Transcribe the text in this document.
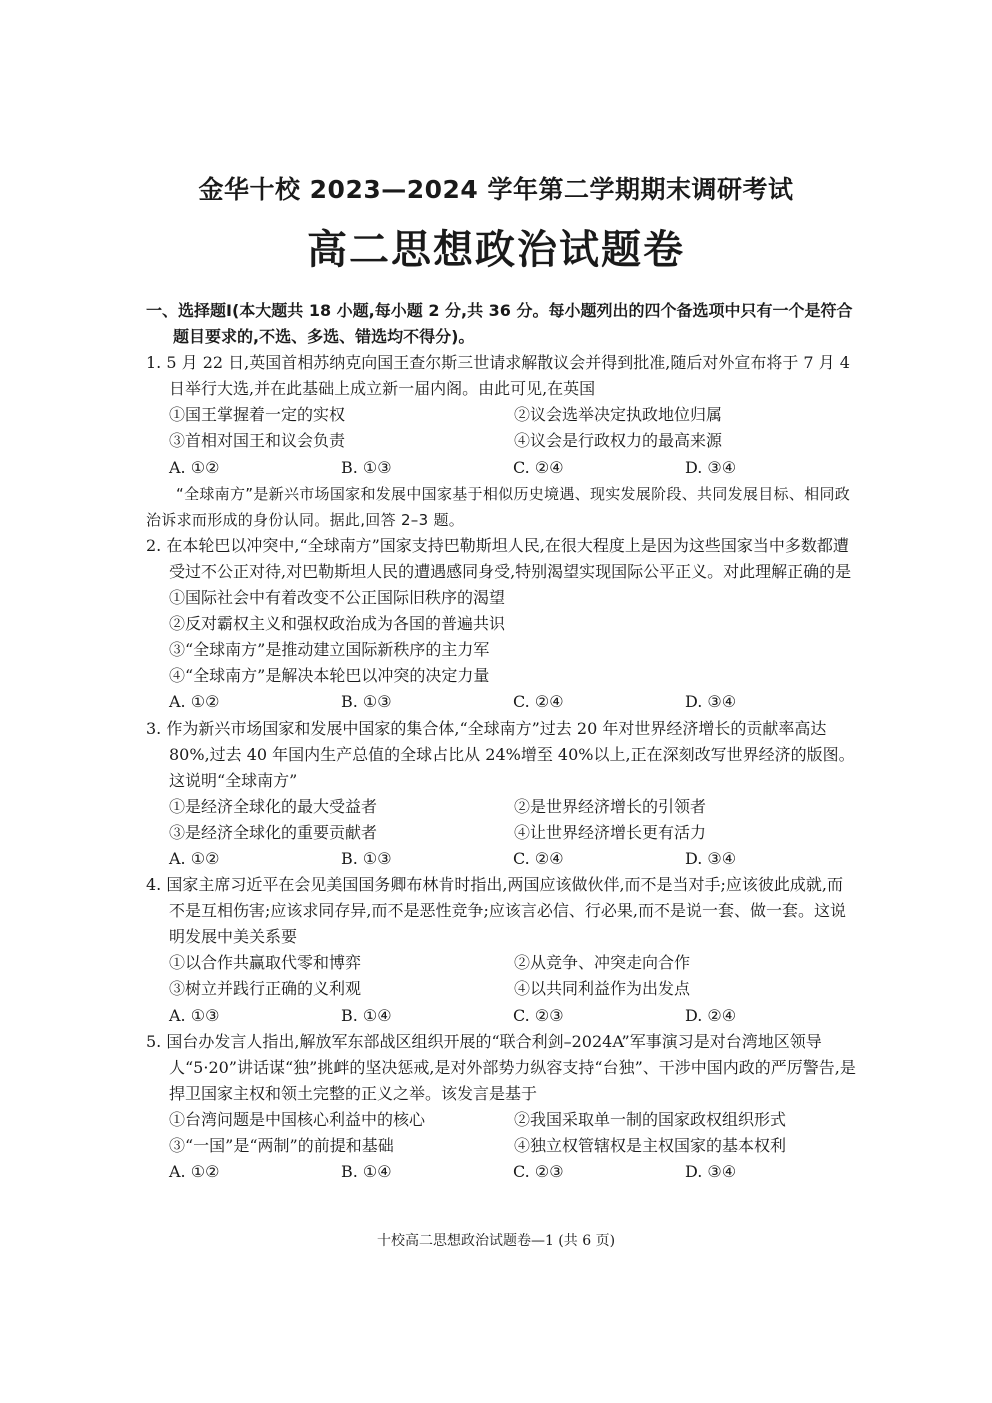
金华十校 2023—2024 学年第二学期期末调研考试
高二思想政治试题卷

一、选择题Ⅰ(本大题共 18 小题,每小题 2 分,共 36 分。每小题列出的四个备选项中只有一个是符合题目要求的,不选、多选、错选均不得分)。

1. 5 月 22 日,英国首相苏纳克向国王查尔斯三世请求解散议会并得到批准,随后对外宣布将于 7 月 4 日举行大选,并在此基础上成立新一届内阁。由此可见,在英国
①国王掌握着一定的实权	②议会选举决定执政地位归属
③首相对国王和议会负责	④议会是行政权力的最高来源
A. ①②	B. ①③	C. ②④	D. ③④

“全球南方”是新兴市场国家和发展中国家基于相似历史境遇、现实发展阶段、共同发展目标、相同政治诉求而形成的身份认同。据此,回答 2–3 题。

2. 在本轮巴以冲突中,“全球南方”国家支持巴勒斯坦人民,在很大程度上是因为这些国家当中多数都遭受过不公正对待,对巴勒斯坦人民的遭遇感同身受,特别渴望实现国际公平正义。对此理解正确的是
①国际社会中有着改变不公正国际旧秩序的渴望
②反对霸权主义和强权政治成为各国的普遍共识
③“全球南方”是推动建立国际新秩序的主力军
④“全球南方”是解决本轮巴以冲突的决定力量
A. ①②	B. ①③	C. ②④	D. ③④
3. 作为新兴市场国家和发展中国家的集合体,“全球南方”过去 20 年对世界经济增长的贡献率高达 80%,过去 40 年国内生产总值的全球占比从 24%增至 40%以上,正在深刻改写世界经济的版图。这说明“全球南方”
①是经济全球化的最大受益者	②是世界经济增长的引领者
③是经济全球化的重要贡献者	④让世界经济增长更有活力
A. ①②	B. ①③	C. ②④	D. ③④
4. 国家主席习近平在会见美国国务卿布林肯时指出,两国应该做伙伴,而不是当对手;应该彼此成就,而不是互相伤害;应该求同存异,而不是恶性竞争;应该言必信、行必果,而不是说一套、做一套。这说明发展中美关系要
①以合作共赢取代零和博弈	②从竞争、冲突走向合作
③树立并践行正确的义利观	④以共同利益作为出发点
A. ①③	B. ①④	C. ②③	D. ②④
5. 国台办发言人指出,解放军东部战区组织开展的“联合利剑–2024A”军事演习是对台湾地区领导人“5·20”讲话谋“独”挑衅的坚决惩戒,是对外部势力纵容支持“台独”、干涉中国内政的严厉警告,是捍卫国家主权和领土完整的正义之举。该发言是基于
①台湾问题是中国核心利益中的核心	②我国采取单一制的国家政权组织形式
③“一国”是“两制”的前提和基础	④独立权管辖权是主权国家的基本权利
A. ①②	B. ①④	C. ②③	D. ③④

十校高二思想政治试题卷—1 (共 6 页)
